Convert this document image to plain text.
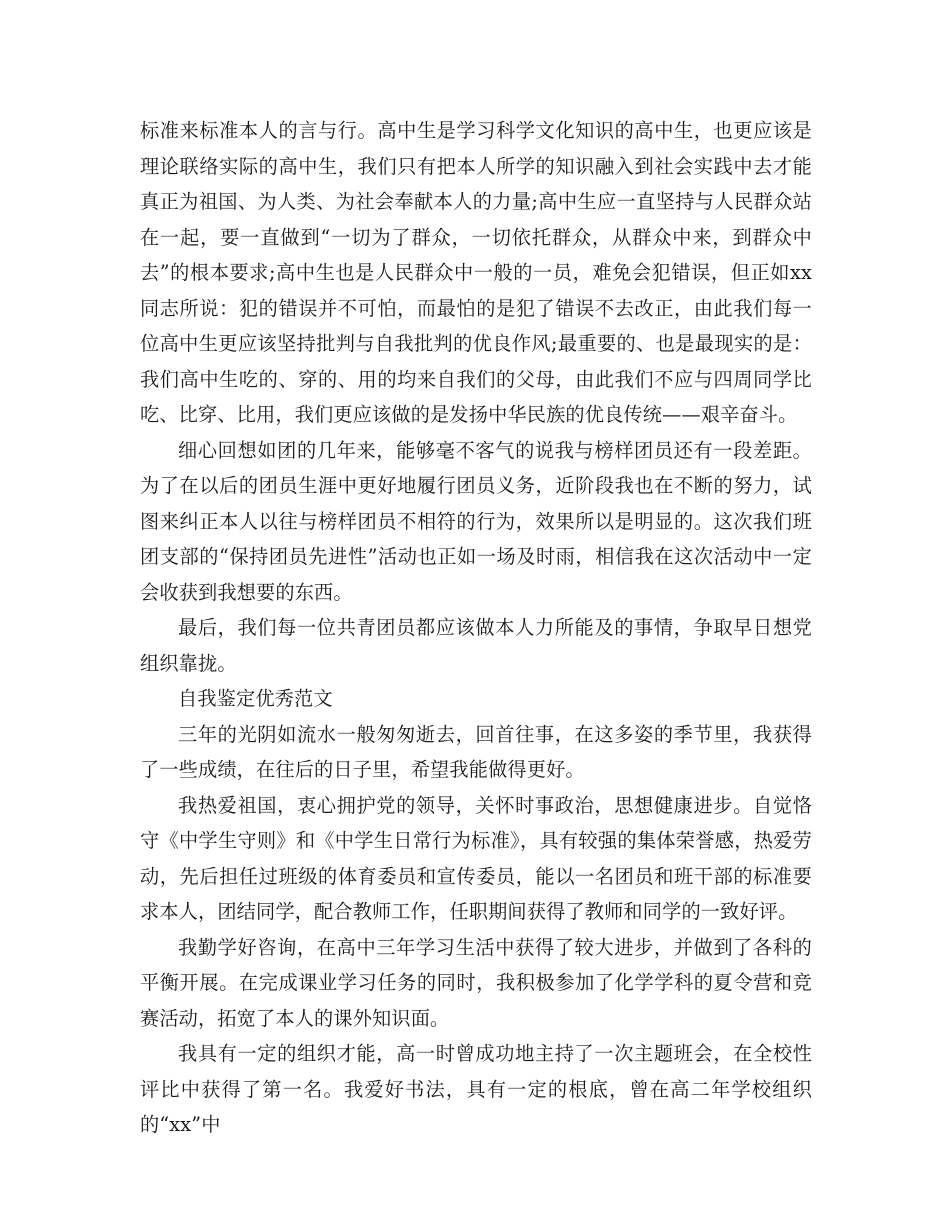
标准来标准本人的言与行。高中生是学习科学文化知识的高中生，也更应该是理论联络实际的高中生，我们只有把本人所学的知识融入到社会实践中去才能真正为祖国、为人类、为社会奉献本人的力量;高中生应一直坚持与人民群众站在一起，要一直做到“一切为了群众，一切依托群众，从群众中来，到群众中去”的根本要求;高中生也是人民群众中一般的一员，难免会犯错误，但正如xx同志所说：犯的错误并不可怕，而最怕的是犯了错误不去改正，由此我们每一位高中生更应该坚持批判与自我批判的优良作风;最重要的、也是最现实的是：我们高中生吃的、穿的、用的均来自我们的父母，由此我们不应与四周同学比吃、比穿、比用，我们更应该做的是发扬中华民族的优良传统——艰辛奋斗。

细心回想如团的几年来，能够毫不客气的说我与榜样团员还有一段差距。为了在以后的团员生涯中更好地履行团员义务，近阶段我也在不断的努力，试图来纠正本人以往与榜样团员不相符的行为，效果所以是明显的。这次我们班团支部的“保持团员先进性”活动也正如一场及时雨，相信我在这次活动中一定会收获到我想要的东西。

最后，我们每一位共青团员都应该做本人力所能及的事情，争取早日想党组织靠拢。

自我鉴定优秀范文

三年的光阴如流水一般匆匆逝去，回首往事，在这多姿的季节里，我获得了一些成绩，在往后的日子里，希望我能做得更好。

我热爱祖国，衷心拥护党的领导，关怀时事政治，思想健康进步。自觉恪守《中学生守则》和《中学生日常行为标准》，具有较强的集体荣誉感，热爱劳动，先后担任过班级的体育委员和宣传委员，能以一名团员和班干部的标准要求本人，团结同学，配合教师工作，任职期间获得了教师和同学的一致好评。

我勤学好咨询，在高中三年学习生活中获得了较大进步，并做到了各科的平衡开展。在完成课业学习任务的同时，我积极参加了化学学科的夏令营和竞赛活动，拓宽了本人的课外知识面。

我具有一定的组织才能，高一时曾成功地主持了一次主题班会，在全校性评比中获得了第一名。我爱好书法，具有一定的根底，曾在高二年学校组织的“xx”中
